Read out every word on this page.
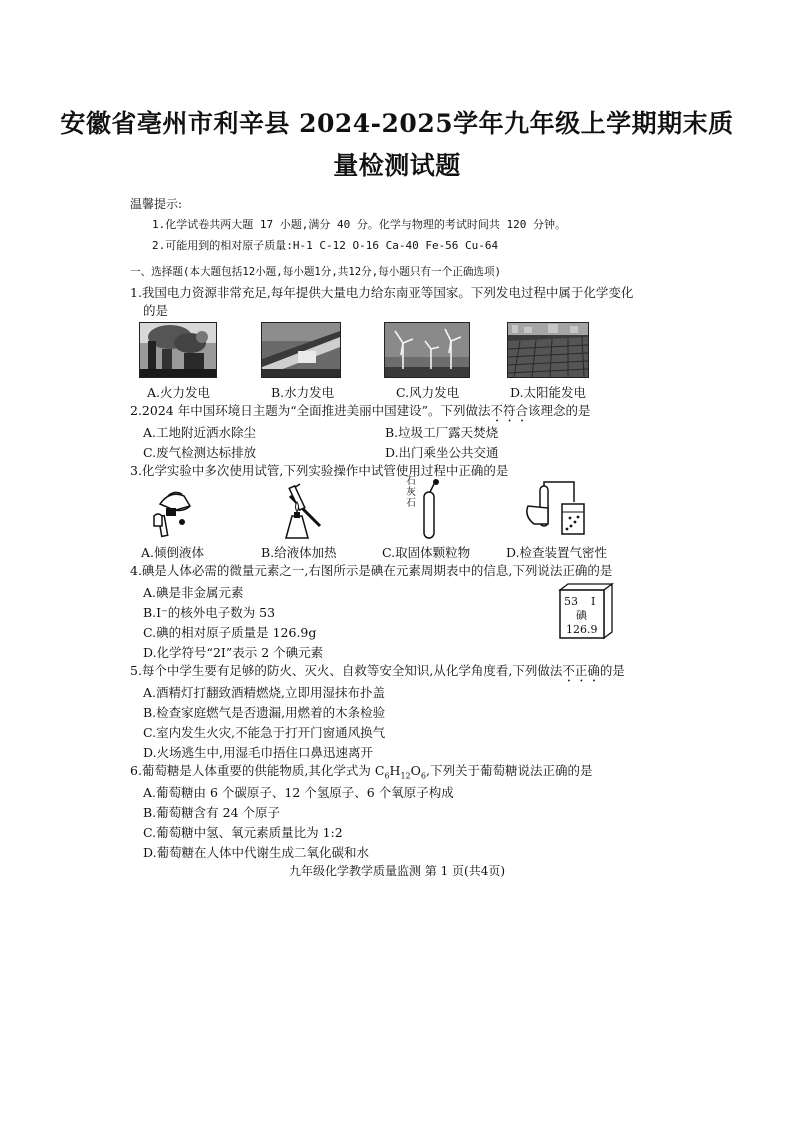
安徽省亳州市利辛县 2024-2025学年九年级上学期期末质
量检测试题
温馨提示:
1.化学试卷共两大题 17 小题,满分 40 分。化学与物理的考试时间共 120 分钟。
2.可能用到的相对原子质量:H-1 C-12 O-16 Ca-40 Fe-56 Cu-64
一、选择题(本大题包括12小题,每小题1分,共12分,每小题只有一个正确选项)
1.我国电力资源非常充足,每年提供大量电力给东南亚等国家。下列发电过程中属于化学变化
的是
A.火力发电	B.水力发电	C.风力发电	D.太阳能发电
2.2024 年中国环境日主题为“全面推进美丽中国建设”。下列做法不符合该理念的是
A.工地附近洒水除尘	B.垃圾工厂露天焚烧
C.废气检测达标排放	D.出门乘坐公共交通
3.化学实验中多次使用试管,下列实验操作中试管使用过程中正确的是
石灰石
A.倾倒液体	B.给液体加热	C.取固体颗粒物	D.检查装置气密性
4.碘是人体必需的微量元素之一,右图所示是碘在元素周期表中的信息,下列说法正确的是
A.碘是非金属元素
B.I⁻的核外电子数为 53
C.碘的相对原子质量是 126.9g
D.化学符号“2I”表示 2 个碘元素
53 I
碘
126.9
5.每个中学生要有足够的防火、灭火、自救等安全知识,从化学角度看,下列做法不正确的是
A.酒精灯打翻致酒精燃烧,立即用湿抹布扑盖
B.检查家庭燃气是否遗漏,用燃着的木条检验
C.室内发生火灾,不能急于打开门窗通风换气
D.火场逃生中,用湿毛巾捂住口鼻迅速离开
6.葡萄糖是人体重要的供能物质,其化学式为 $C_6H_{12}O_6$,下列关于葡萄糖说法正确的是
A.葡萄糖由 6 个碳原子、12 个氢原子、6 个氧原子构成
B.葡萄糖含有 24 个原子
C.葡萄糖中氢、氧元素质量比为 1:2
D.葡萄糖在人体中代谢生成二氧化碳和水
九年级化学教学质量监测 第 1 页(共4页)
